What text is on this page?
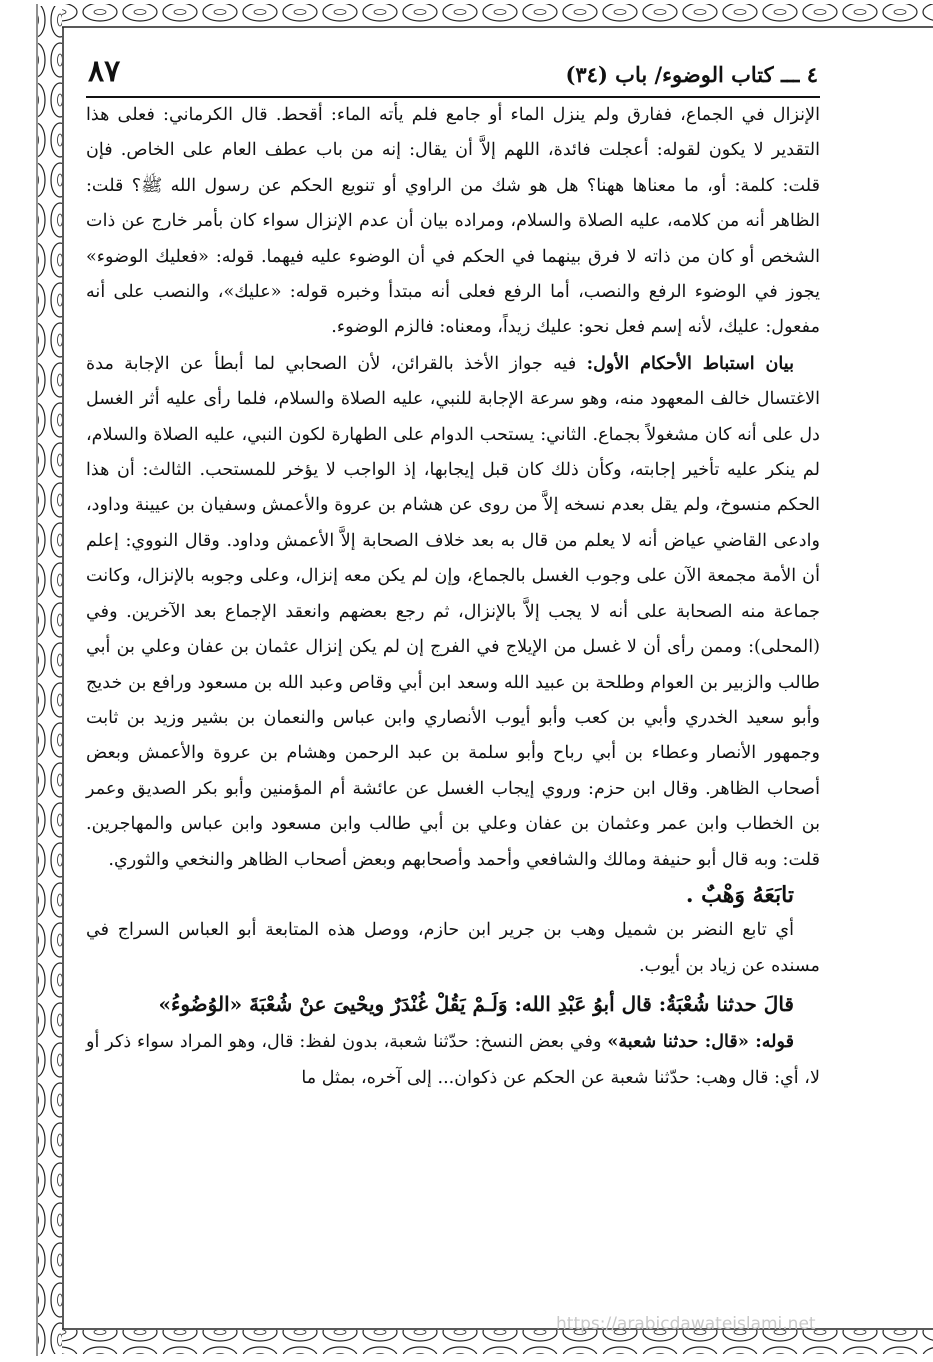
٤ ـــ كتاب الوضوء/ باب (٣٤)
٨٧

الإنزال في الجماع، ففارق ولم ينزل الماء أو جامع فلم يأته الماء: أقحط. قال الكرماني: فعلى هذا التقدير لا يكون لقوله: أعجلت فائدة، اللهم إلاَّ أن يقال: إنه من باب عطف العام على الخاص. فإن قلت: كلمة: أو، ما معناها ههنا؟ هل هو شك من الراوي أو تنويع الحكم عن رسول الله ﷺ؟ قلت: الظاهر أنه من كلامه، عليه الصلاة والسلام، ومراده بيان أن عدم الإنزال سواء كان بأمر خارج عن ذات الشخص أو كان من ذاته لا فرق بينهما في الحكم في أن الوضوء عليه فيهما. قوله: «فعليك الوضوء» يجوز في الوضوء الرفع والنصب، أما الرفع فعلى أنه مبتدأ وخبره قوله: «عليك»، والنصب على أنه مفعول: عليك، لأنه إسم فعل نحو: عليك زيداً، ومعناه: فالزم الوضوء.

بيان استباط الأحكام الأول: فيه جواز الأخذ بالقرائن، لأن الصحابي لما أبطأ عن الإجابة مدة الاغتسال خالف المعهود منه، وهو سرعة الإجابة للنبي، عليه الصلاة والسلام، فلما رأى عليه أثر الغسل دل على أنه كان مشغولاً بجماع. الثاني: يستحب الدوام على الطهارة لكون النبي، عليه الصلاة والسلام، لم ينكر عليه تأخير إجابته، وكأن ذلك كان قبل إيجابها، إذ الواجب لا يؤخر للمستحب. الثالث: أن هذا الحكم منسوخ، ولم يقل بعدم نسخه إلاَّ من روى عن هشام بن عروة والأعمش وسفيان بن عيينة وداود، وادعى القاضي عياض أنه لا يعلم من قال به بعد خلاف الصحابة إلاَّ الأعمش وداود. وقال النووي: إعلم أن الأمة مجمعة الآن على وجوب الغسل بالجماع، وإن لم يكن معه إنزال، وعلى وجوبه بالإنزال، وكانت جماعة منه الصحابة على أنه لا يجب إلاَّ بالإنزال، ثم رجع بعضهم وانعقد الإجماع بعد الآخرين. وفي (المحلى): وممن رأى أن لا غسل من الإيلاج في الفرج إن لم يكن إنزال عثمان بن عفان وعلي بن أبي طالب والزبير بن العوام وطلحة بن عبيد الله وسعد ابن أبي وقاص وعبد الله بن مسعود ورافع بن خديج وأبو سعيد الخدري وأبي بن كعب وأبو أيوب الأنصاري وابن عباس والنعمان بن بشير وزيد بن ثابت وجمهور الأنصار وعطاء بن أبي رباح وأبو سلمة بن عبد الرحمن وهشام بن عروة والأعمش وبعض أصحاب الظاهر. وقال ابن حزم: وروي إيجاب الغسل عن عائشة أم المؤمنين وأبو بكر الصديق وعمر بن الخطاب وابن عمر وعثمان بن عفان وعلي بن أبي طالب وابن مسعود وابن عباس والمهاجرين. قلت: وبه قال أبو حنيفة ومالك والشافعي وأحمد وأصحابهم وبعض أصحاب الظاهر والنخعي والثوري.

تابَعَهُ وَهْبٌ .

أي تابع النضر بن شميل وهب بن جرير ابن حازم، ووصل هذه المتابعة أبو العباس السراج في مسنده عن زياد بن أيوب.

قالَ حدثنا شُعْبَةُ: قال أبوُ عَبْدِ الله: وَلَـمْ يَقُلْ غُنْدَرٌ ويحْيىَ عنْ شُعْبَةَ «الوُضُوءُ»

قوله: «قال: حدثنا شعبة» وفي بعض النسخ: حدّثنا شعبة، بدون لفظ: قال، وهو المراد سواء ذكر أو لا، أي: قال وهب: حدّثنا شعبة عن الحكم عن ذكوان... إلى آخره، بمثل ما

https://arabicdawateislami.net
